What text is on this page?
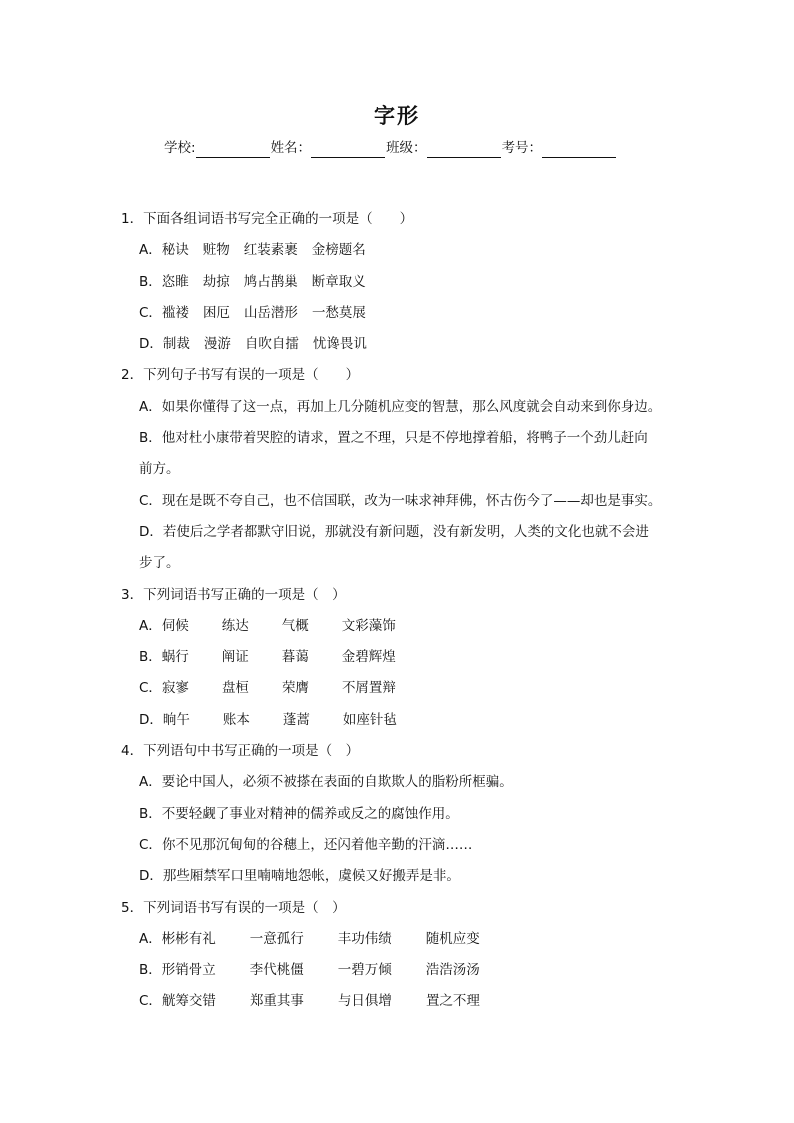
字形
学校:	姓名：	班级：	考号：
1．下面各组词语书写完全正确的一项是（　　）
A．秘诀 赃物 红装素裹 金榜题名
B．恣睢 劫掠 鸠占鹊巢 断章取义
C．褴褛 困厄 山岳潜形 一愁莫展
D．制裁 漫游 自吹自擂 忧谗畏讥
2．下列句子书写有误的一项是（　　）
A．如果你懂得了这一点，再加上几分随机应变的智慧，那么风度就会自动来到你身边。
B．他对杜小康带着哭腔的请求，置之不理，只是不停地撑着船，将鸭子一个劲儿赶向
前方。
C．现在是既不夸自己，也不信国联，改为一味求神拜佛，怀古伤今了——却也是事实。
D．若使后之学者都默守旧说，那就没有新问题，没有新发明，人类的文化也就不会进
步了。
3．下列词语书写正确的一项是（　）
A．伺候 练达 气概 文彩藻饰
B．蜗行 阐证 暮蔼 金碧辉煌
C．寂寥 盘桓 荣膺 不屑置辩
D．晌午 账本 蓬蒿 如座针毡
4．下列语句中书写正确的一项是（　）
A．要论中国人，必须不被搽在表面的自欺欺人的脂粉所框骗。
B．不要轻觑了事业对精神的儒养或反之的腐蚀作用。
C．你不见那沉甸甸的谷穗上，还闪着他辛勤的汗滴……
D．那些厢禁军口里喃喃地怨帐，虞候又好搬弄是非。
5．下列词语书写有误的一项是（　）
A．彬彬有礼	一意孤行	丰功伟绩	随机应变
B．形销骨立	李代桃僵	一碧万倾	浩浩汤汤
C．觥筹交错	郑重其事	与日俱增	置之不理
